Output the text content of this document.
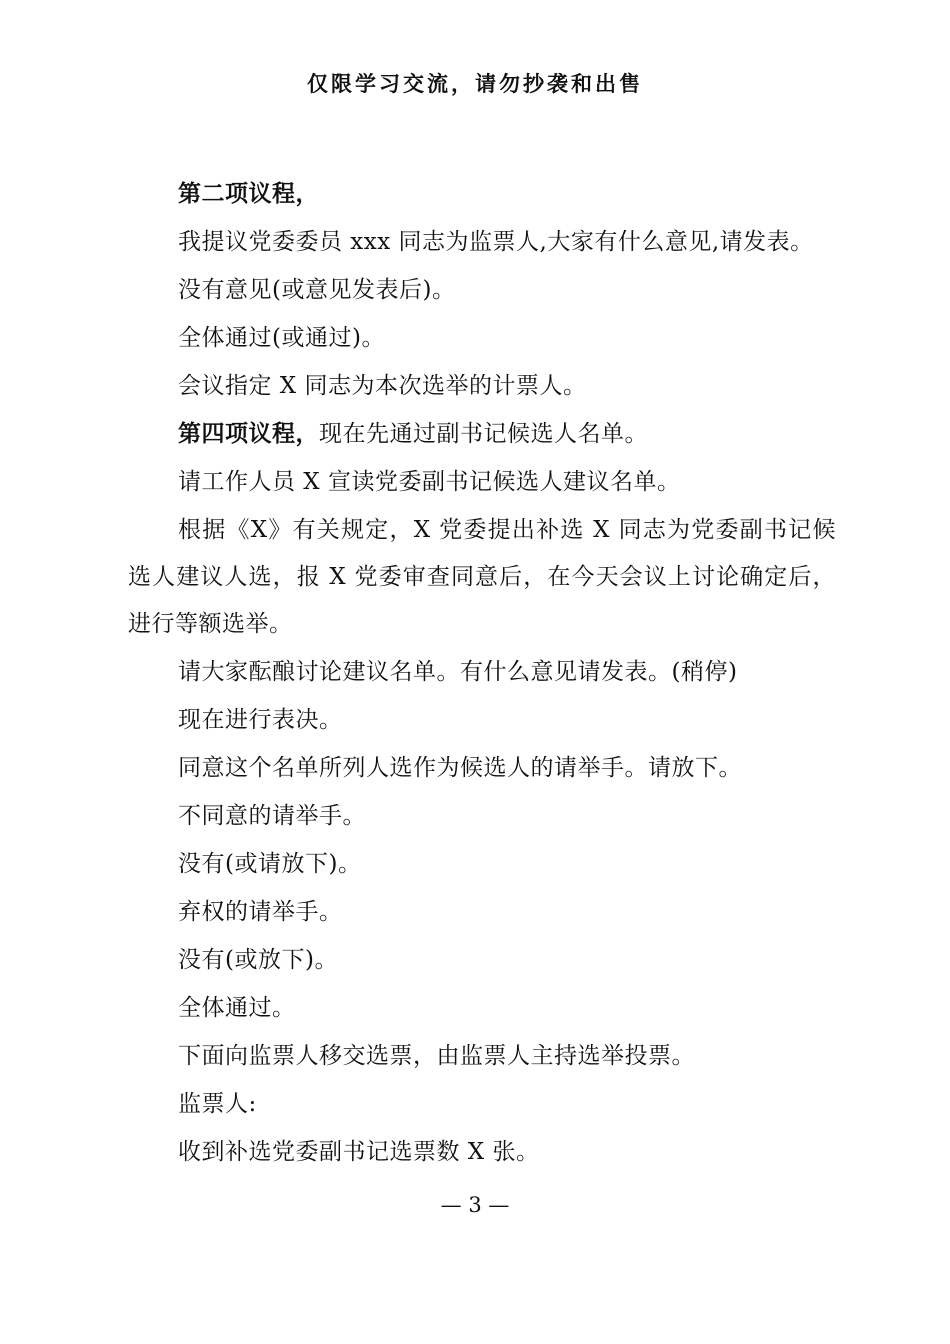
仅限学习交流，请勿抄袭和出售

第二项议程，

我提议党委委员 xxx 同志为监票人,大家有什么意见,请发表。

没有意见(或意见发表后)。

全体通过(或通过)。

会议指定 X 同志为本次选举的计票人。

第四项议程，现在先通过副书记候选人名单。

请工作人员 X 宣读党委副书记候选人建议名单。

根据《X》有关规定，X 党委提出补选 X 同志为党委副书记候选人建议人选，报 X 党委审查同意后，在今天会议上讨论确定后，进行等额选举。

请大家酝酿讨论建议名单。有什么意见请发表。(稍停)

现在进行表决。

同意这个名单所列人选作为候选人的请举手。请放下。

不同意的请举手。

没有(或请放下)。

弃权的请举手。

没有(或放下)。

全体通过。

下面向监票人移交选票，由监票人主持选举投票。

监票人:

收到补选党委副书记选票数 X 张。

— 3 —
